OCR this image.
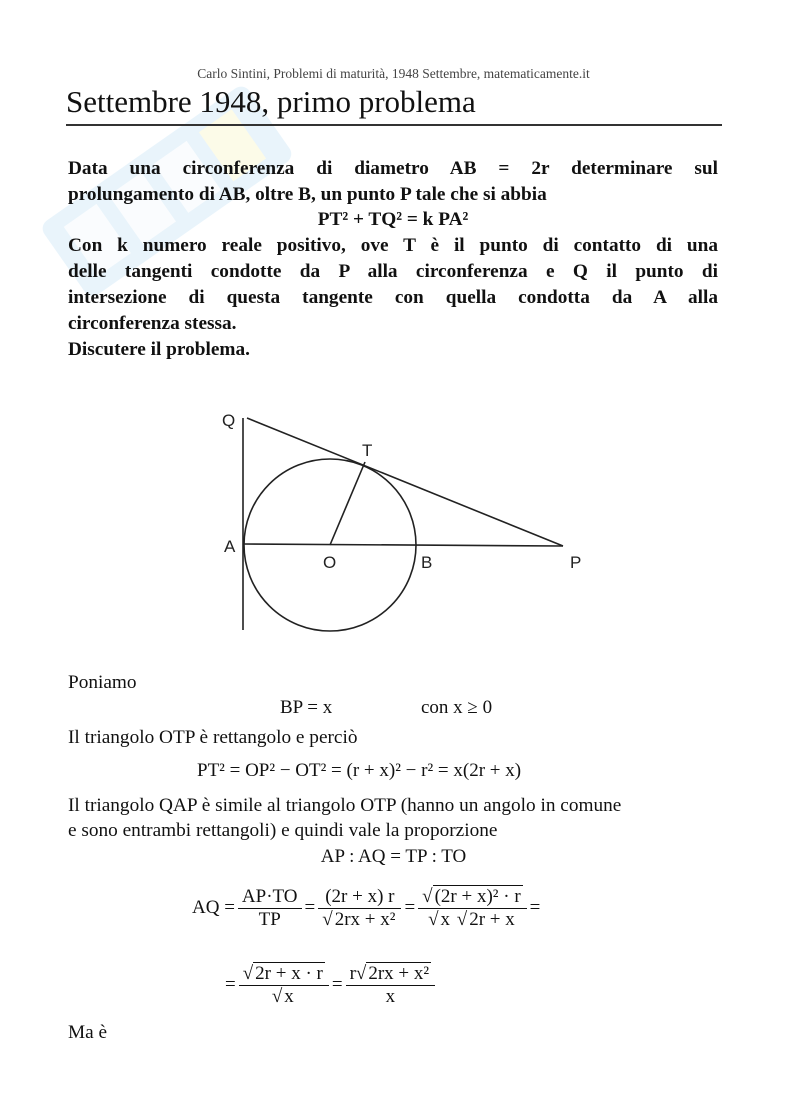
Carlo Sintini, Problemi di maturità, 1948 Settembre, matematicamente.it
Settembre 1948, primo problema
Data una circonferenza di diametro AB = 2r determinare sul
prolungamento di AB, oltre B, un punto P tale che si abbia
PT² + TQ² = k PA²
Con k numero reale positivo, ove T è il punto di contatto di una
delle tangenti condotte da P alla circonferenza e Q il punto di
intersezione di questa tangente con quella condotta da A alla
circonferenza stessa.
Discutere il problema.
Q
T
A
O	B	P
Poniamo
BP = x	con x ≥ 0
Il triangolo OTP è rettangolo e perciò
PT² = OP² − OT² = (r + x)² − r² = x(2r + x)
Il triangolo QAP è simile al triangolo OTP (hanno un angolo in comune
e sono entrambi rettangoli) e quindi vale la proporzione
AP : AQ = TP : TO
AQ = $\frac{AP\cdot TO}{TP} = \frac{(2r + x) r}{\text{√ 2rx + x²}} = \frac{\text{√ (2r + x)² · r}}{√ x √ 2r + x}$ =
= $\frac{√ 2r + x \cdot r}{√ x} = \frac{\text{r√ 2rx + x²}}{x}$
Ma è
